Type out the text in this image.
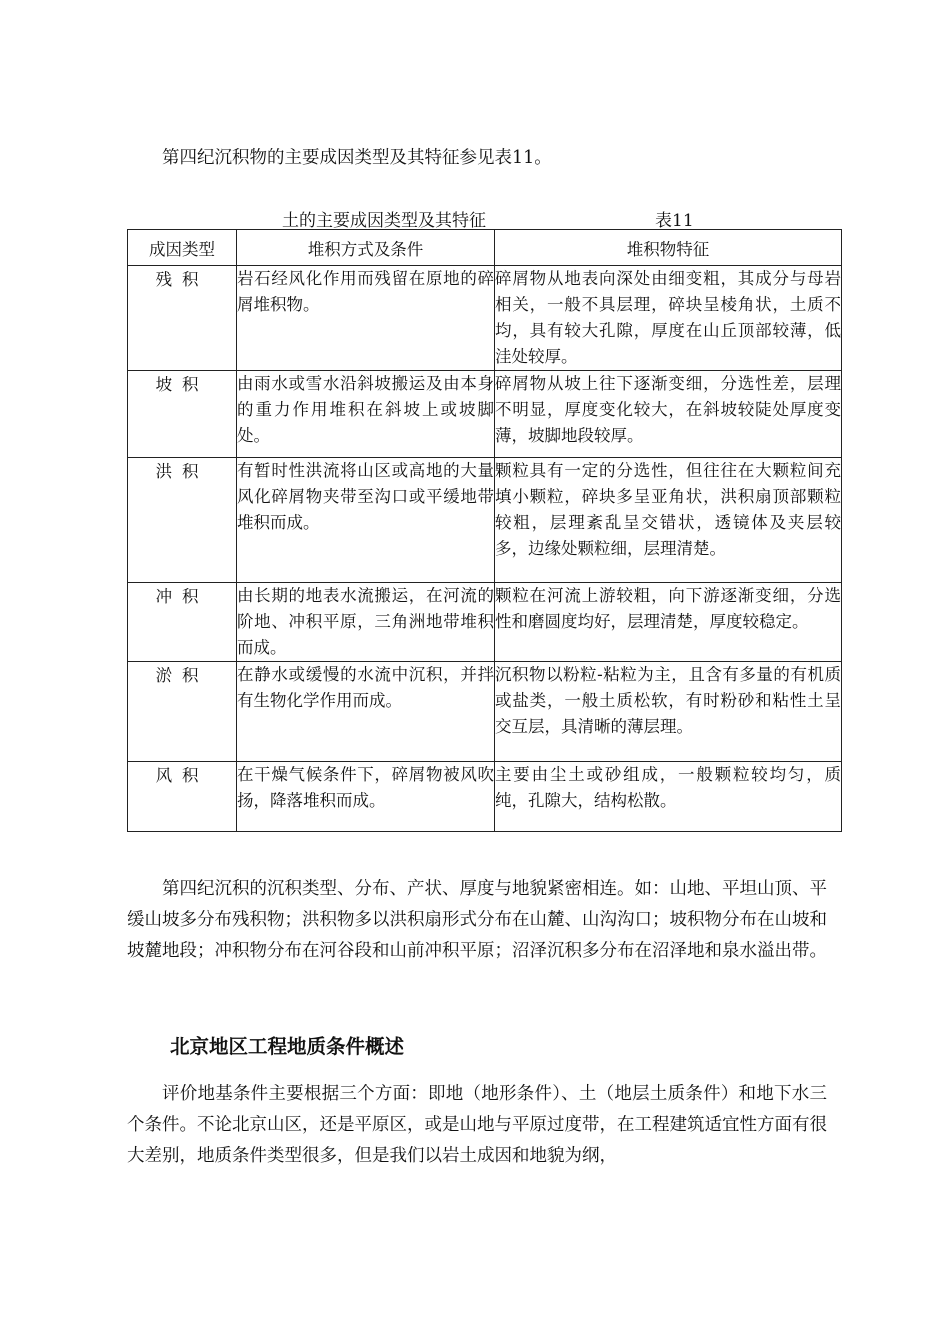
第四纪沉积物的主要成因类型及其特征参见表11。

土的主要成因类型及其特征	表11
成因类型	堆积方式及条件	堆积物特征
残积	岩石经风化作用而残留在原地的碎屑堆积物。	碎屑物从地表向深处由细变粗，其成分与母岩相关，一般不具层理，碎块呈棱角状，土质不均，具有较大孔隙，厚度在山丘顶部较薄，低洼处较厚。
坡积	由雨水或雪水沿斜坡搬运及由本身的重力作用堆积在斜坡上或坡脚处。	碎屑物从坡上往下逐渐变细，分选性差，层理不明显，厚度变化较大，在斜坡较陡处厚度变薄，坡脚地段较厚。
洪积	有暂时性洪流将山区或高地的大量风化碎屑物夹带至沟口或平缓地带堆积而成。	颗粒具有一定的分选性，但往往在大颗粒间充填小颗粒，碎块多呈亚角状，洪积扇顶部颗粒较粗，层理紊乱呈交错状，透镜体及夹层较多，边缘处颗粒细，层理清楚。
冲积	由长期的地表水流搬运，在河流的阶地、冲积平原，三角洲地带堆积而成。	颗粒在河流上游较粗，向下游逐渐变细，分选性和磨圆度均好，层理清楚，厚度较稳定。
淤积	在静水或缓慢的水流中沉积，并拌有生物化学作用而成。	沉积物以粉粒-粘粒为主，且含有多量的有机质或盐类，一般土质松软，有时粉砂和粘性土呈交互层，具清晰的薄层理。
风积	在干燥气候条件下，碎屑物被风吹扬，降落堆积而成。	主要由尘土或砂组成，一般颗粒较均匀，质纯，孔隙大，结构松散。

第四纪沉积的沉积类型、分布、产状、厚度与地貌紧密相连。如：山地、平坦山顶、平缓山坡多分布残积物；洪积物多以洪积扇形式分布在山麓、山沟沟口；坡积物分布在山坡和坡麓地段；冲积物分布在河谷段和山前冲积平原；沼泽沉积多分布在沼泽地和泉水溢出带。

北京地区工程地质条件概述

评价地基条件主要根据三个方面：即地（地形条件）、土（地层土质条件）和地下水三个条件。不论北京山区，还是平原区，或是山地与平原过度带，在工程建筑适宜性方面有很大差别，地质条件类型很多，但是我们以岩土成因和地貌为纲，
